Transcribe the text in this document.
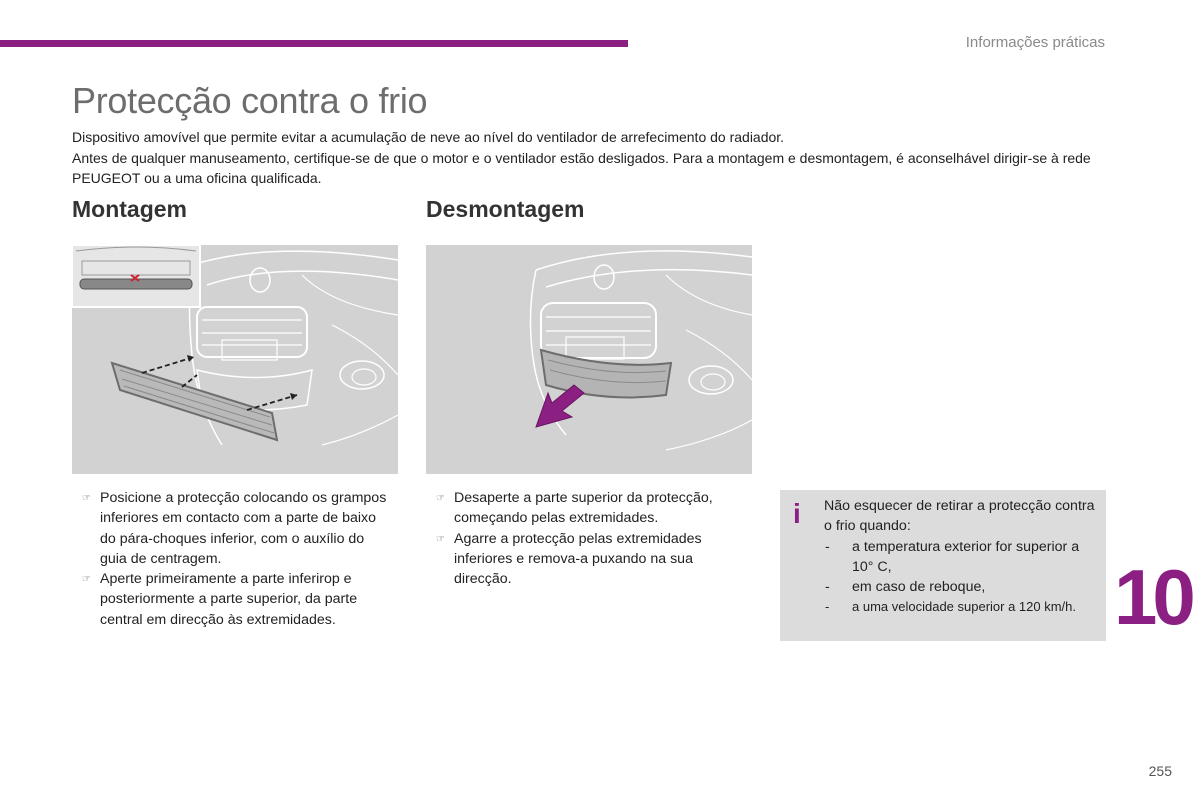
Informações práticas
Protecção contra o frio

Dispositivo amovível que permite evitar a acumulação de neve ao nível do ventilador de arrefecimento do radiador.

Antes de qualquer manuseamento, certifique-se de que o motor e o ventilador estão desligados. Para a montagem e desmontagem, é aconselhável dirigir-se à rede PEUGEOT ou a uma oficina qualificada.

Montagem	Desmontagem
☞ Posicione a protecção colocando os grampos inferiores em contacto com a parte de baixo do pára-choques inferior, com o auxílio do guia de centragem.
☞ Aperte primeiramente a parte inferirор e posteriormente a parte superior, da parte central em direcção às extremidades.
☞ Desaperte a parte superior da protecção, começando pelas extremidades.
☞ Agarre a protecção pelas extremidades inferiores e remova-a puxando na sua direcção.
i Não esquecer de retirar a protecção contra o frio quando:

- a temperatura exterior for superior a 10° C,
- em caso de reboque,
- a uma velocidade superior a 120 km/h. 10
255
